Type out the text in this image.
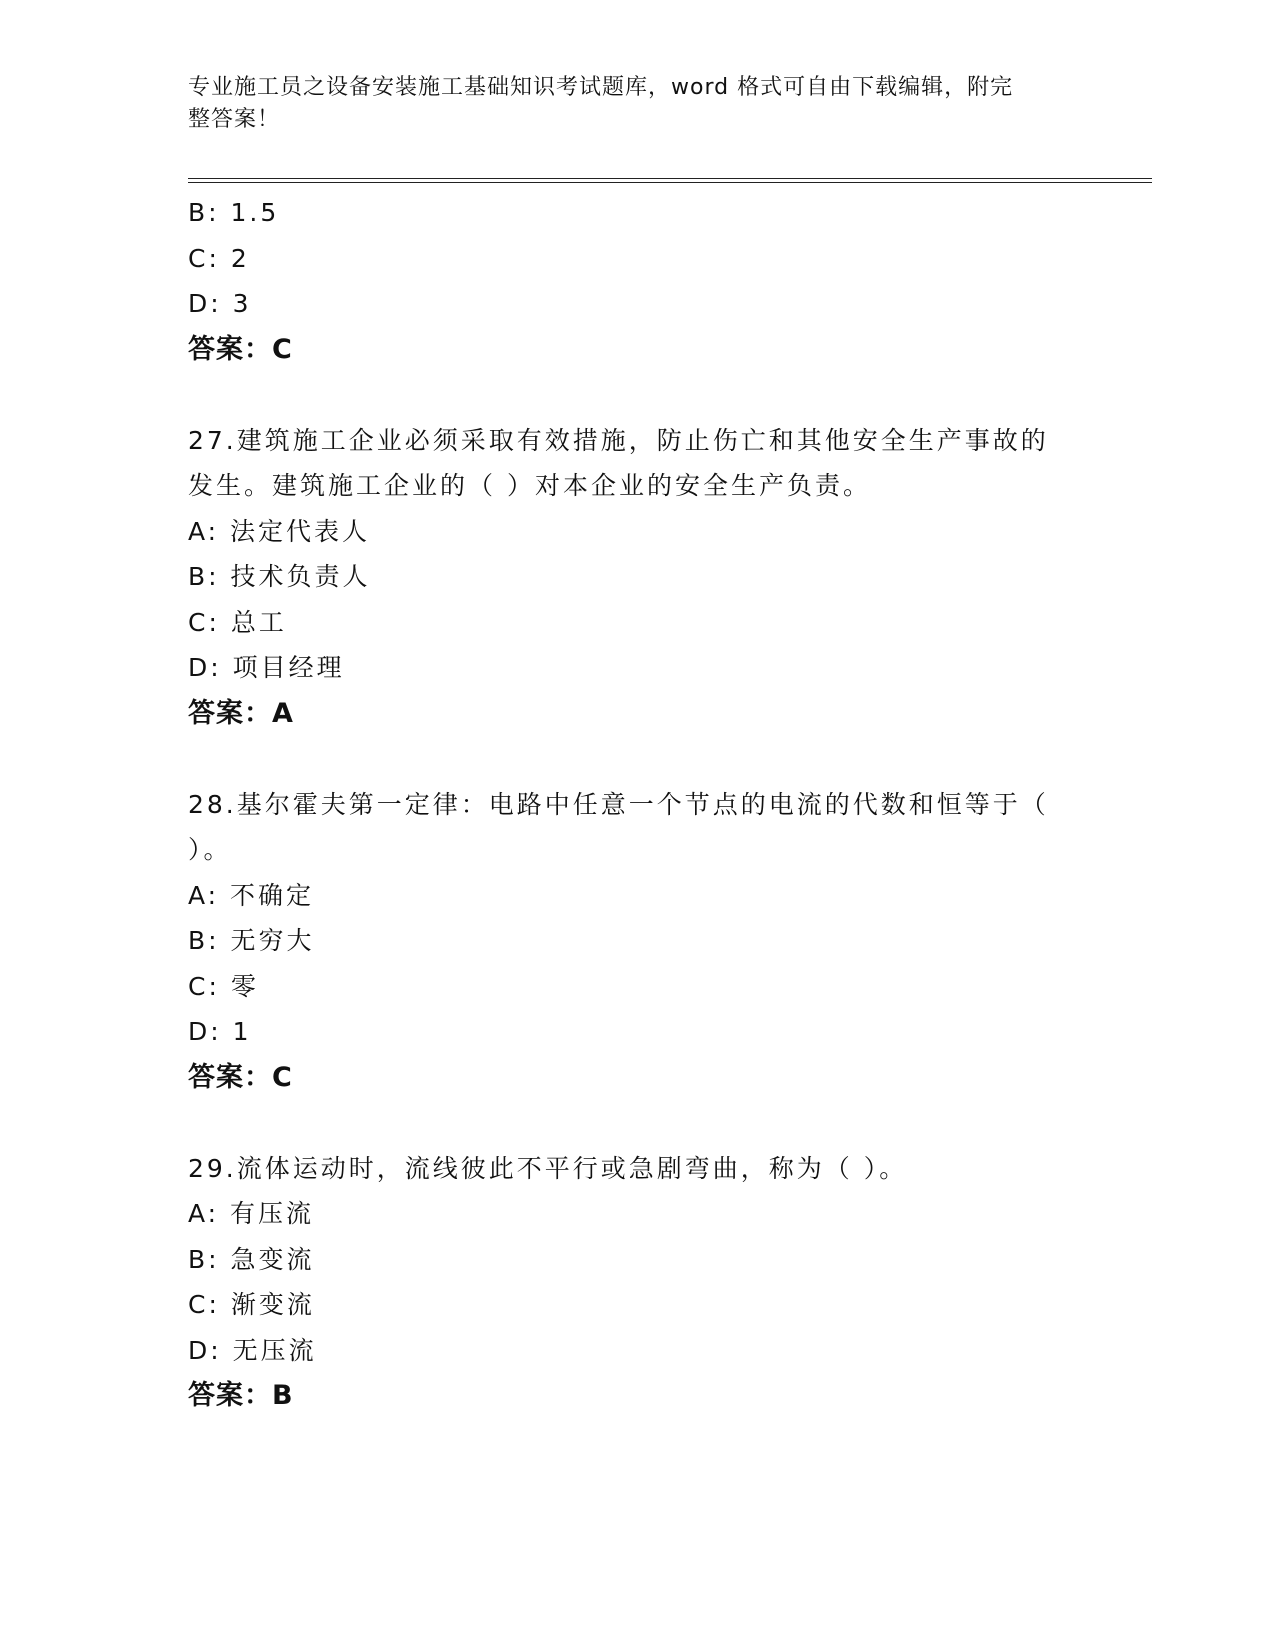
专业施工员之设备安装施工基础知识考试题库，word 格式可自由下载编辑，附完
整答案！
B: 1.5
C: 2
D: 3
答案：C
27.建筑施工企业必须采取有效措施，防止伤亡和其他安全生产事故的
发生。建筑施工企业的（ ）对本企业的安全生产负责。
A: 法定代表人
B: 技术负责人
C: 总工
D: 项目经理
答案：A
28.基尔霍夫第一定律：电路中任意一个节点的电流的代数和恒等于（
）。
A: 不确定
B: 无穷大
C: 零
D: 1
答案：C
29.流体运动时，流线彼此不平行或急剧弯曲，称为（ ）。
A: 有压流
B: 急变流
C: 渐变流
D: 无压流
答案：B
